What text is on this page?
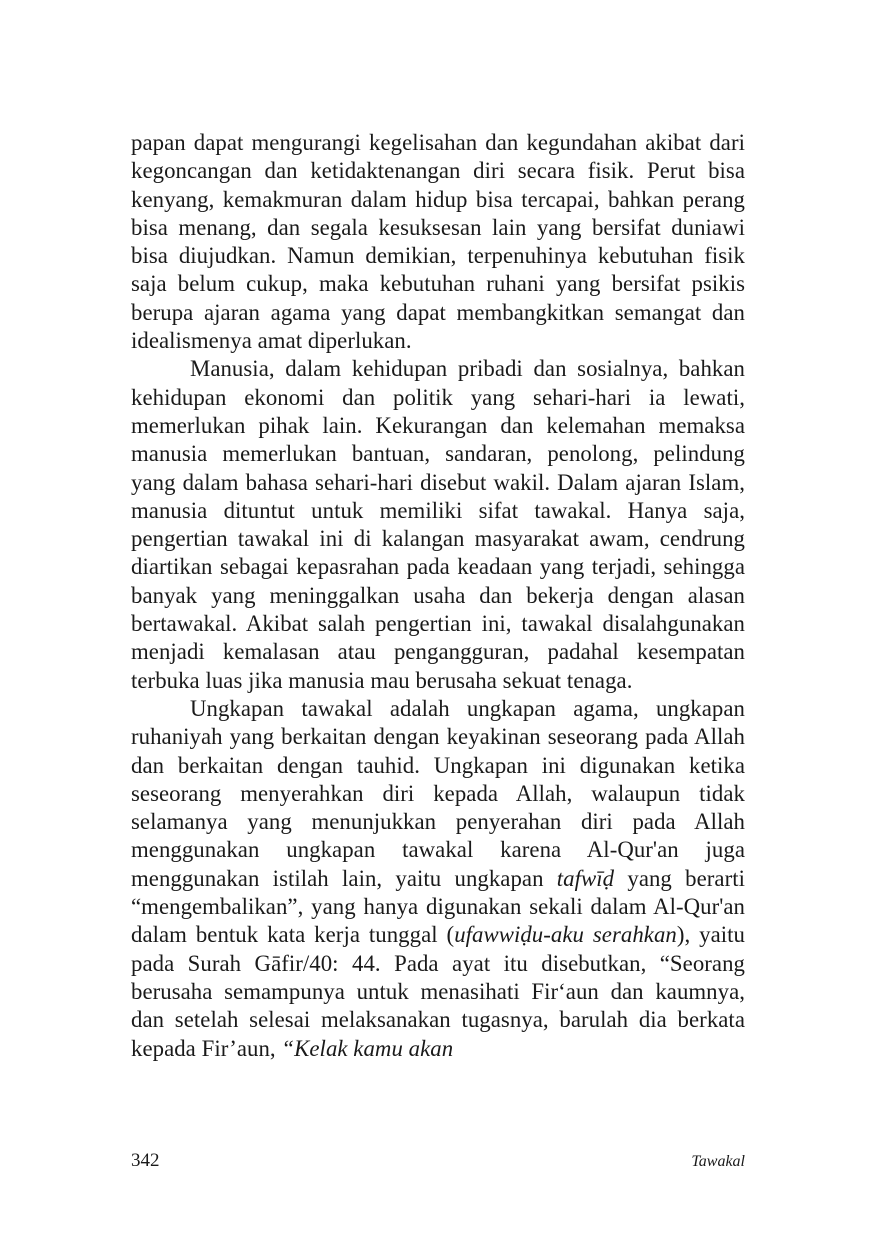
papan dapat mengurangi kegelisahan dan kegundahan akibat dari kegoncangan dan ketidaktenangan diri secara fisik. Perut bisa kenyang, kemakmuran dalam hidup bisa tercapai, bahkan perang bisa menang, dan segala kesuksesan lain yang bersifat duniawi bisa diujudkan. Namun demikian, terpenuhinya kebutuhan fisik saja belum cukup, maka kebutuhan ruhani yang bersifat psikis berupa ajaran agama yang dapat membangkitkan semangat dan idealismenya amat diperlukan.

Manusia, dalam kehidupan pribadi dan sosialnya, bahkan kehidupan ekonomi dan politik yang sehari-hari ia lewati, memerlukan pihak lain. Kekurangan dan kelemahan memaksa manusia memerlukan bantuan, sandaran, penolong, pelindung yang dalam bahasa sehari-hari disebut wakil. Dalam ajaran Islam, manusia dituntut untuk memiliki sifat tawakal. Hanya saja, pengertian tawakal ini di kalangan masyarakat awam, cendrung diartikan sebagai kepasrahan pada keadaan yang terjadi, sehingga banyak yang meninggalkan usaha dan bekerja dengan alasan bertawakal. Akibat salah pengertian ini, tawakal disalahgunakan menjadi kemalasan atau pengangguran, padahal kesempatan terbuka luas jika manusia mau berusaha sekuat tenaga.

Ungkapan tawakal adalah ungkapan agama, ungkapan ruhaniyah yang berkaitan dengan keyakinan seseorang pada Allah dan berkaitan dengan tauhid. Ungkapan ini digunakan ketika seseorang menyerahkan diri kepada Allah, walaupun tidak selamanya yang menunjukkan penyerahan diri pada Allah menggunakan ungkapan tawakal karena Al-Qur'an juga menggunakan istilah lain, yaitu ungkapan tafwīḍ yang berarti “mengembalikan”, yang hanya digunakan sekali dalam Al-Qur'an dalam bentuk kata kerja tunggal (ufawwiḍu-aku serahkan), yaitu pada Surah Gāfir/40: 44. Pada ayat itu disebutkan, “Seorang berusaha semampunya untuk menasihati Fir‘aun dan kaumnya, dan setelah selesai melaksanakan tugasnya, barulah dia berkata kepada Fir’aun, “Kelak kamu akan

342	Tawakal
